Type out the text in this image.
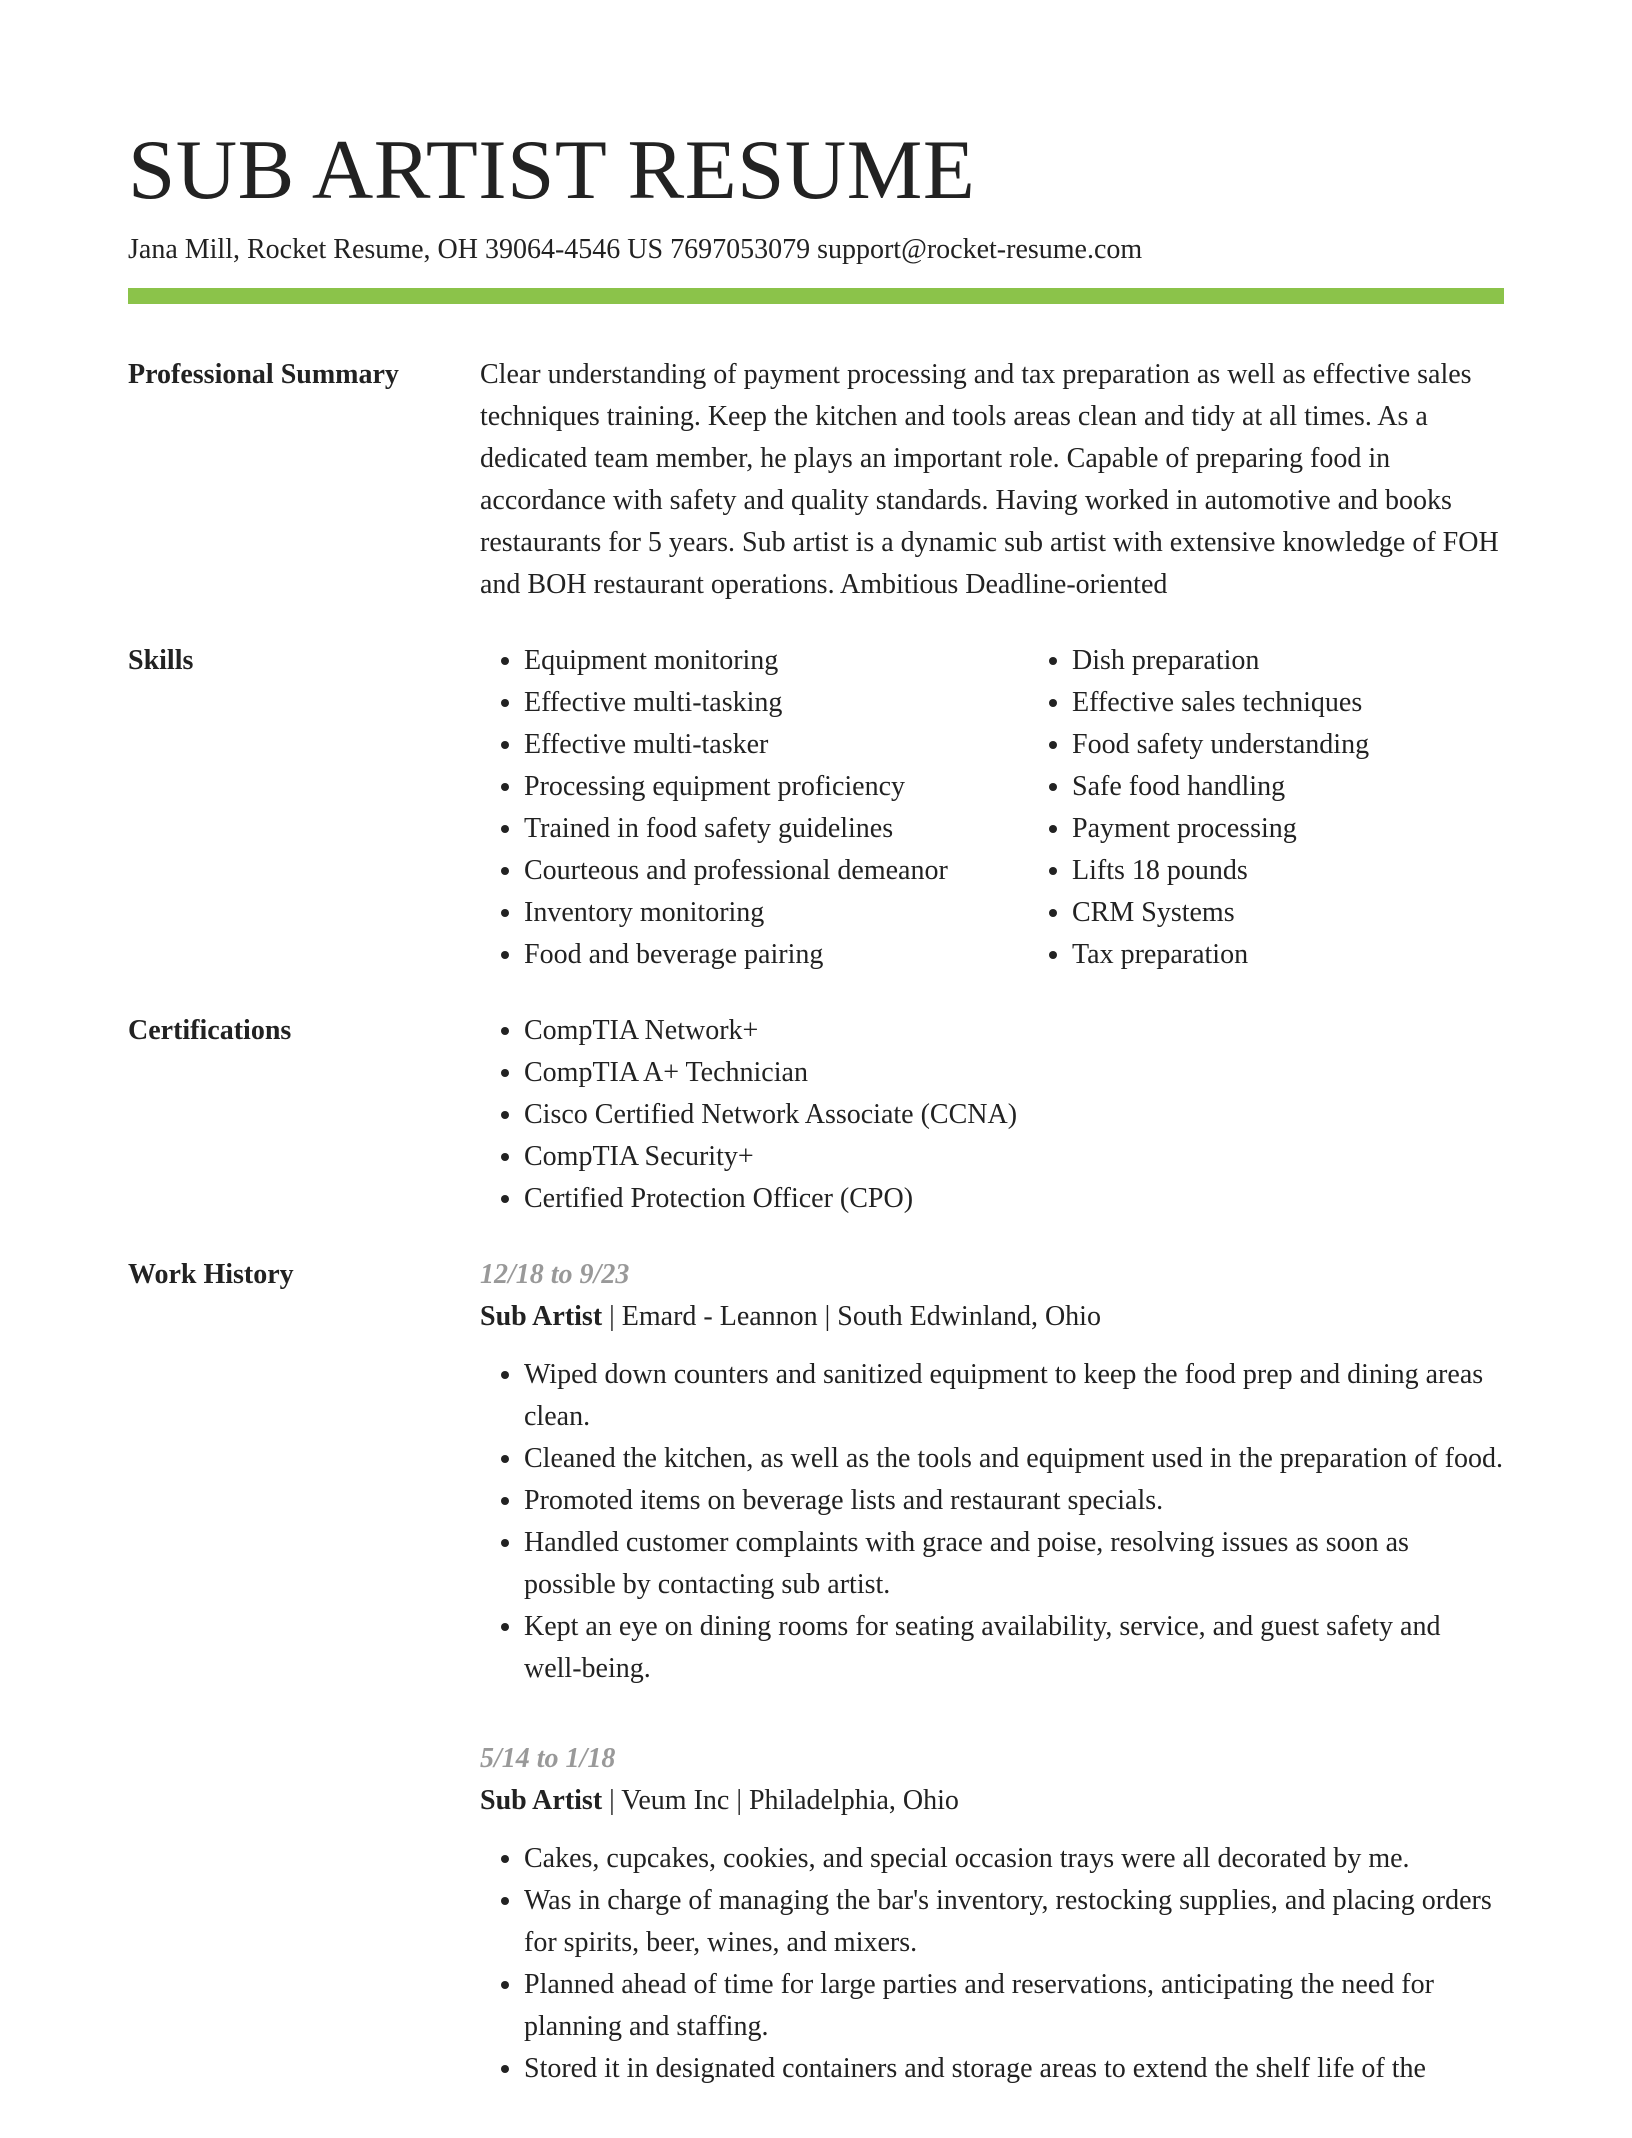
SUB ARTIST RESUME
Jana Mill, Rocket Resume, OH 39064-4546 US 7697053079 support@rocket-resume.com
Professional Summary	Clear understanding of payment processing and tax preparation as well as effective sales techniques training. Keep the kitchen and tools areas clean and tidy at all times. As a dedicated team member, he plays an important role. Capable of preparing food in accordance with safety and quality standards. Having worked in automotive and books restaurants for 5 years. Sub artist is a dynamic sub artist with extensive knowledge of FOH and BOH restaurant operations. Ambitious Deadline-oriented

Skills	• Equipment monitoring
• Effective multi-tasking
• Effective multi-tasker
• Processing equipment proficiency
• Trained in food safety guidelines
• Courteous and professional demeanor
• Inventory monitoring
• Food and beverage pairing
• Dish preparation
• Effective sales techniques
• Food safety understanding
• Safe food handling
• Payment processing
• Lifts 18 pounds
• CRM Systems
• Tax preparation
Certifications	• CompTIA Network+
• CompTIA A+ Technician
• Cisco Certified Network Associate (CCNA)
• CompTIA Security+
• Certified Protection Officer (CPO)
Work History	12/18 to 9/23
Sub Artist | Emard - Leannon | South Edwinland, Ohio
• Wiped down counters and sanitized equipment to keep the food prep and dining areas clean.
• Cleaned the kitchen, as well as the tools and equipment used in the preparation of food.
• Promoted items on beverage lists and restaurant specials.
• Handled customer complaints with grace and poise, resolving issues as soon as possible by contacting sub artist.
• Kept an eye on dining rooms for seating availability, service, and guest safety and well-being.
5/14 to 1/18
Sub Artist | Veum Inc | Philadelphia, Ohio
• Cakes, cupcakes, cookies, and special occasion trays were all decorated by me.
• Was in charge of managing the bar's inventory, restocking supplies, and placing orders for spirits, beer, wines, and mixers.
• Planned ahead of time for large parties and reservations, anticipating the need for planning and staffing.
• Stored it in designated containers and storage areas to extend the shelf life of the
